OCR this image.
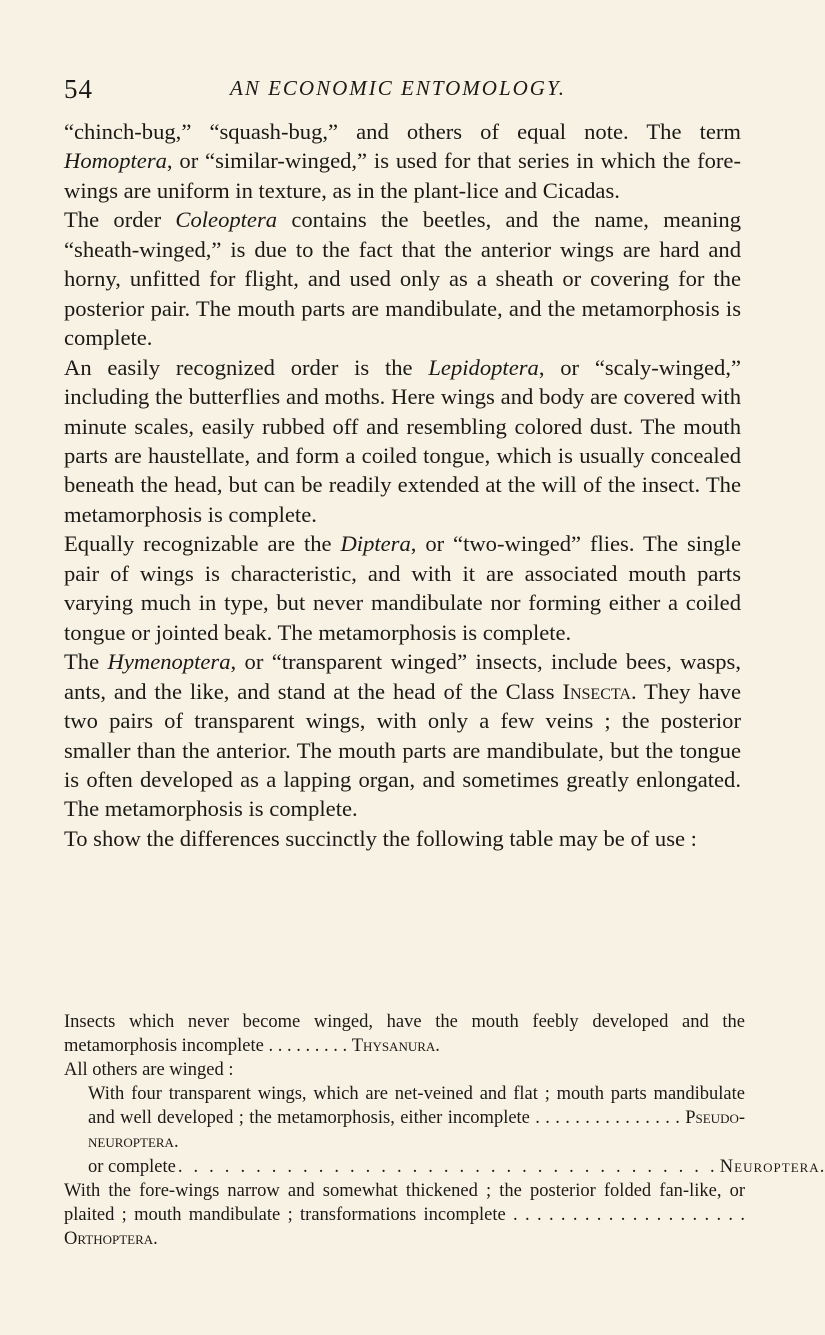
54	AN ECONOMIC ENTOMOLOGY.

“chinch-bug,” “squash-bug,” and others of equal note. The term Homoptera, or “similar-winged,” is used for that series in which the fore-wings are uniform in texture, as in the plant-lice and Cicadas.

The order Coleoptera contains the beetles, and the name, meaning “sheath-winged,” is due to the fact that the anterior wings are hard and horny, unfitted for flight, and used only as a sheath or covering for the posterior pair. The mouth parts are mandibulate, and the metamorphosis is complete.

An easily recognized order is the Lepidoptera, or “scaly-winged,” including the butterflies and moths. Here wings and body are covered with minute scales, easily rubbed off and resembling colored dust. The mouth parts are haustellate, and form a coiled tongue, which is usually concealed beneath the head, but can be readily extended at the will of the insect. The metamorphosis is complete.

Equally recognizable are the Diptera, or “two-winged” flies. The single pair of wings is characteristic, and with it are associated mouth parts varying much in type, but never mandibulate nor forming either a coiled tongue or jointed beak. The metamorphosis is complete.

The Hymenoptera, or “transparent winged” insects, include bees, wasps, ants, and the like, and stand at the head of the Class Insecta. They have two pairs of transparent wings, with only a few veins ; the posterior smaller than the anterior. The mouth parts are mandibulate, but the tongue is often developed as a lapping organ, and sometimes greatly enlongated. The metamorphosis is complete.

To show the differences succinctly the following table may be of use :

Insects which never become winged, have the mouth feebly developed and the metamorphosis incomplete . . . . . . . . . Thysanura.
All others are winged :
With four transparent wings, which are net-veined and flat ; mouth parts mandibulate and well developed ; the metamorphosis, either incomplete . . . . . . . . . . . . . . . Pseudo-neuroptera.
or complete . . . . . . . . . . . . . . . . . . . . . . . . . . . . . . . . . . . Neuroptera.
With the fore-wings narrow and somewhat thickened ; the posterior folded fan-like, or plaited ; mouth mandibulate ; transformations incomplete . . . . . . . . . . . . . . . . . . . . Orthoptera.
